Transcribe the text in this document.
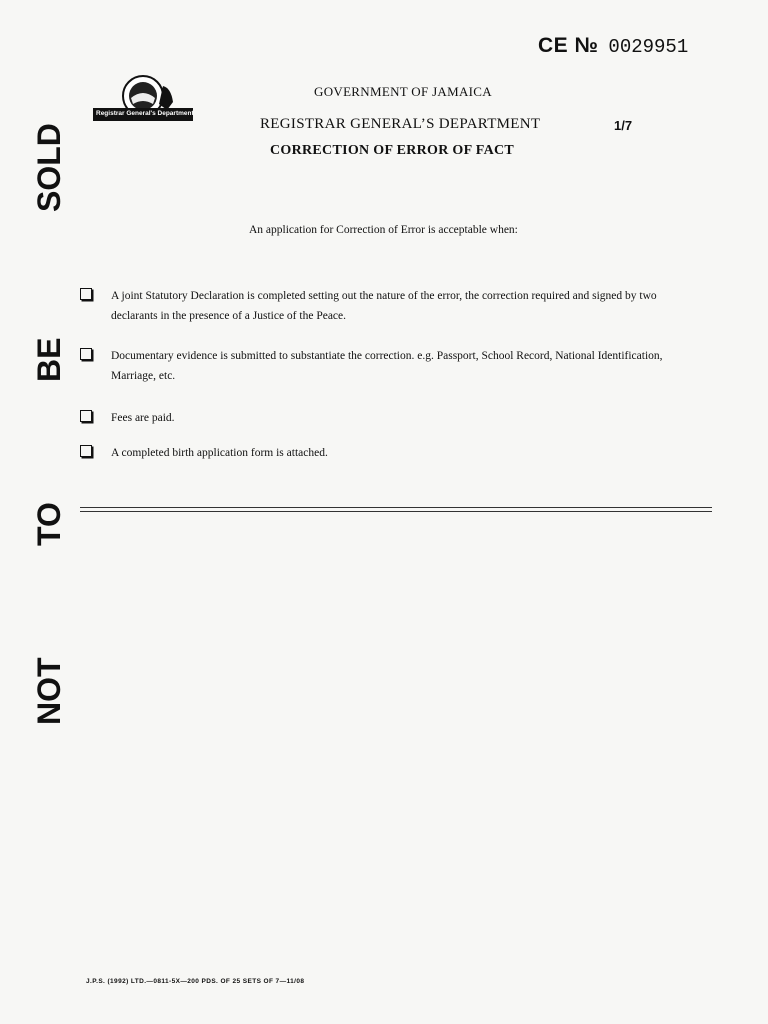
CE № 0029951
Registrar General's Department
GOVERNMENT OF JAMAICA
REGISTRAR GENERAL’S DEPARTMENT	1/7
CORRECTION OF ERROR OF FACT
SOLD
BE
TO
NOT
An application for Correction of Error is acceptable when:
A joint Statutory Declaration is completed setting out the nature of the error, the correction required and signed by two
declarants in the presence of a Justice of the Peace.
Documentary evidence is submitted to substantiate the correction. e.g. Passport, School Record, National Identification,
Marriage, etc.
Fees are paid.
A completed birth application form is attached.
J.P.S. (1992) LTD.—0811-5X—200 PDS. OF 25 SETS OF 7—11/08
